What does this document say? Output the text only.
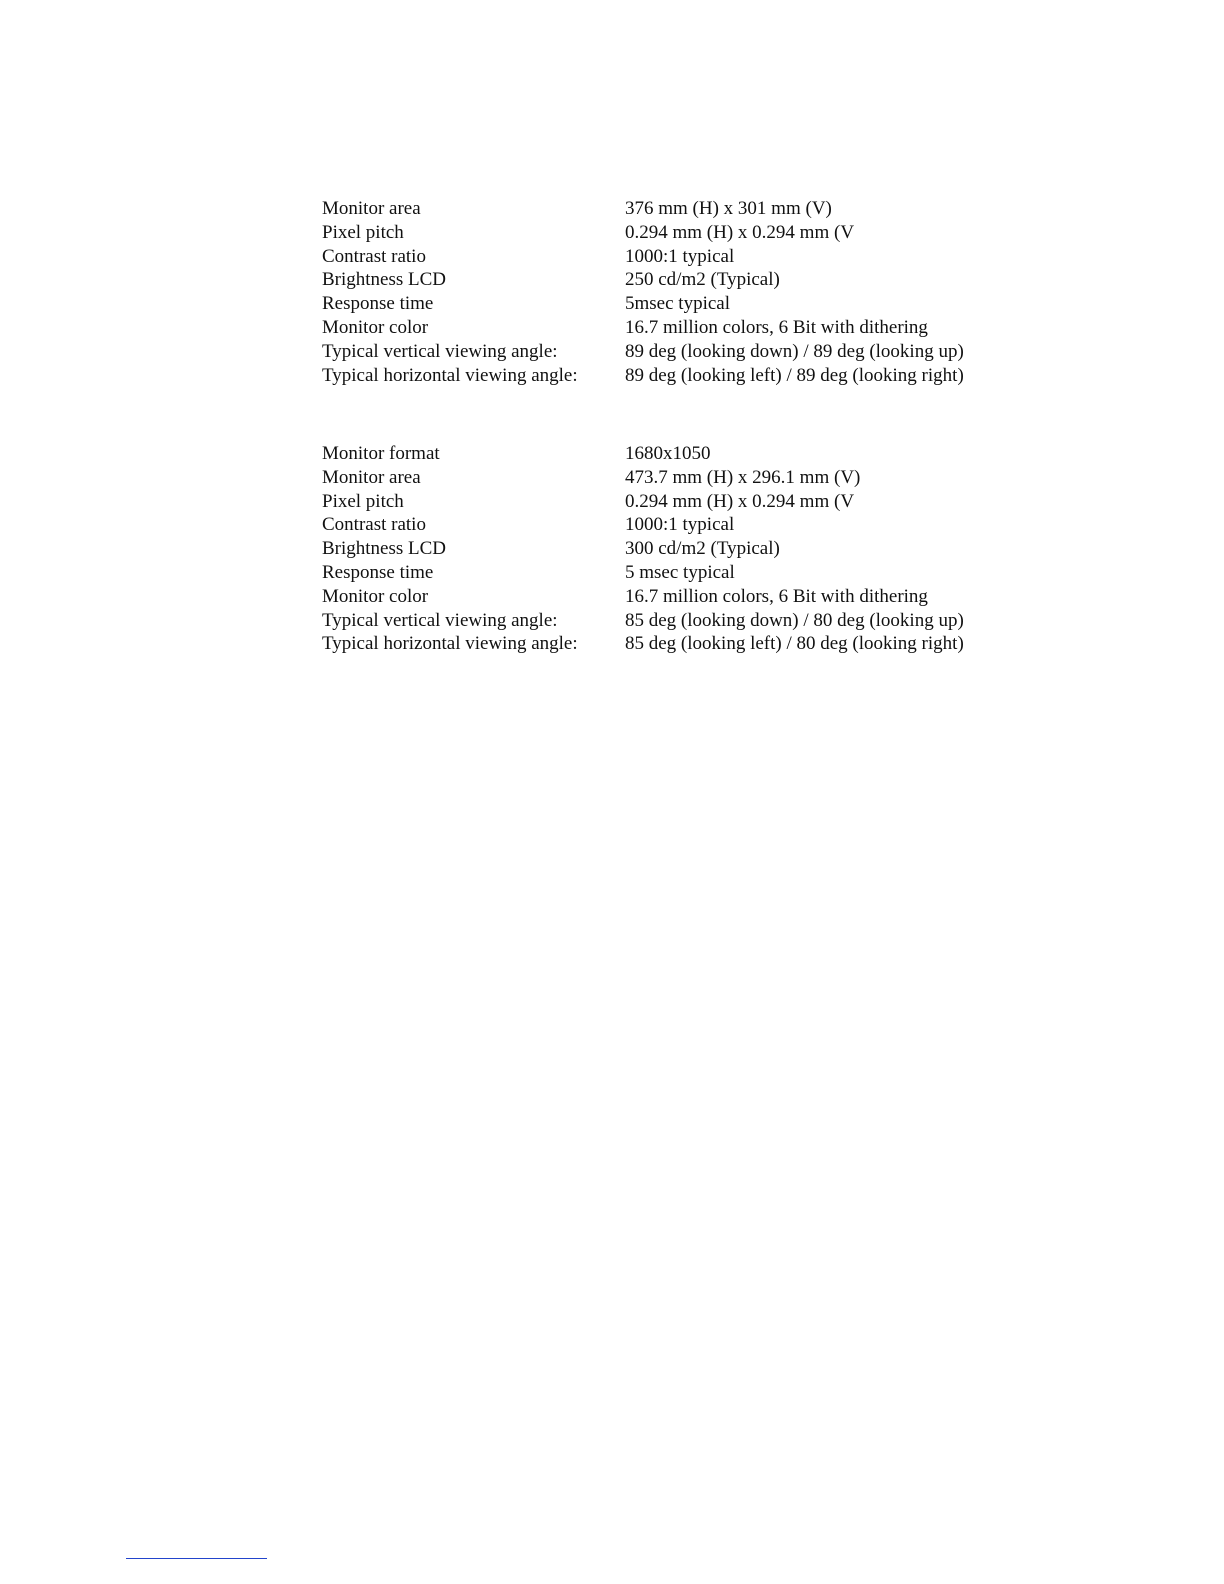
Monitor area	376 mm (H) x 301 mm (V)
Pixel pitch	0.294 mm (H) x 0.294 mm (V
Contrast ratio	1000:1 typical
Brightness LCD	250 cd/m2 (Typical)
Response time	5msec typical
Monitor color	16.7 million colors, 6 Bit with dithering
Typical vertical viewing angle:	89 deg (looking down) / 89 deg (looking up)
Typical horizontal viewing angle:	89 deg (looking left) / 89 deg (looking right)
Monitor format	1680x1050
Monitor area	473.7 mm (H) x 296.1 mm (V)
Pixel pitch	0.294 mm (H) x 0.294 mm (V
Contrast ratio	1000:1 typical
Brightness LCD	300 cd/m2 (Typical)
Response time	5 msec typical
Monitor color	16.7 million colors, 6 Bit with dithering
Typical vertical viewing angle:	85 deg (looking down) / 80 deg (looking up)
Typical horizontal viewing angle:	85 deg (looking left) / 80 deg (looking right)
